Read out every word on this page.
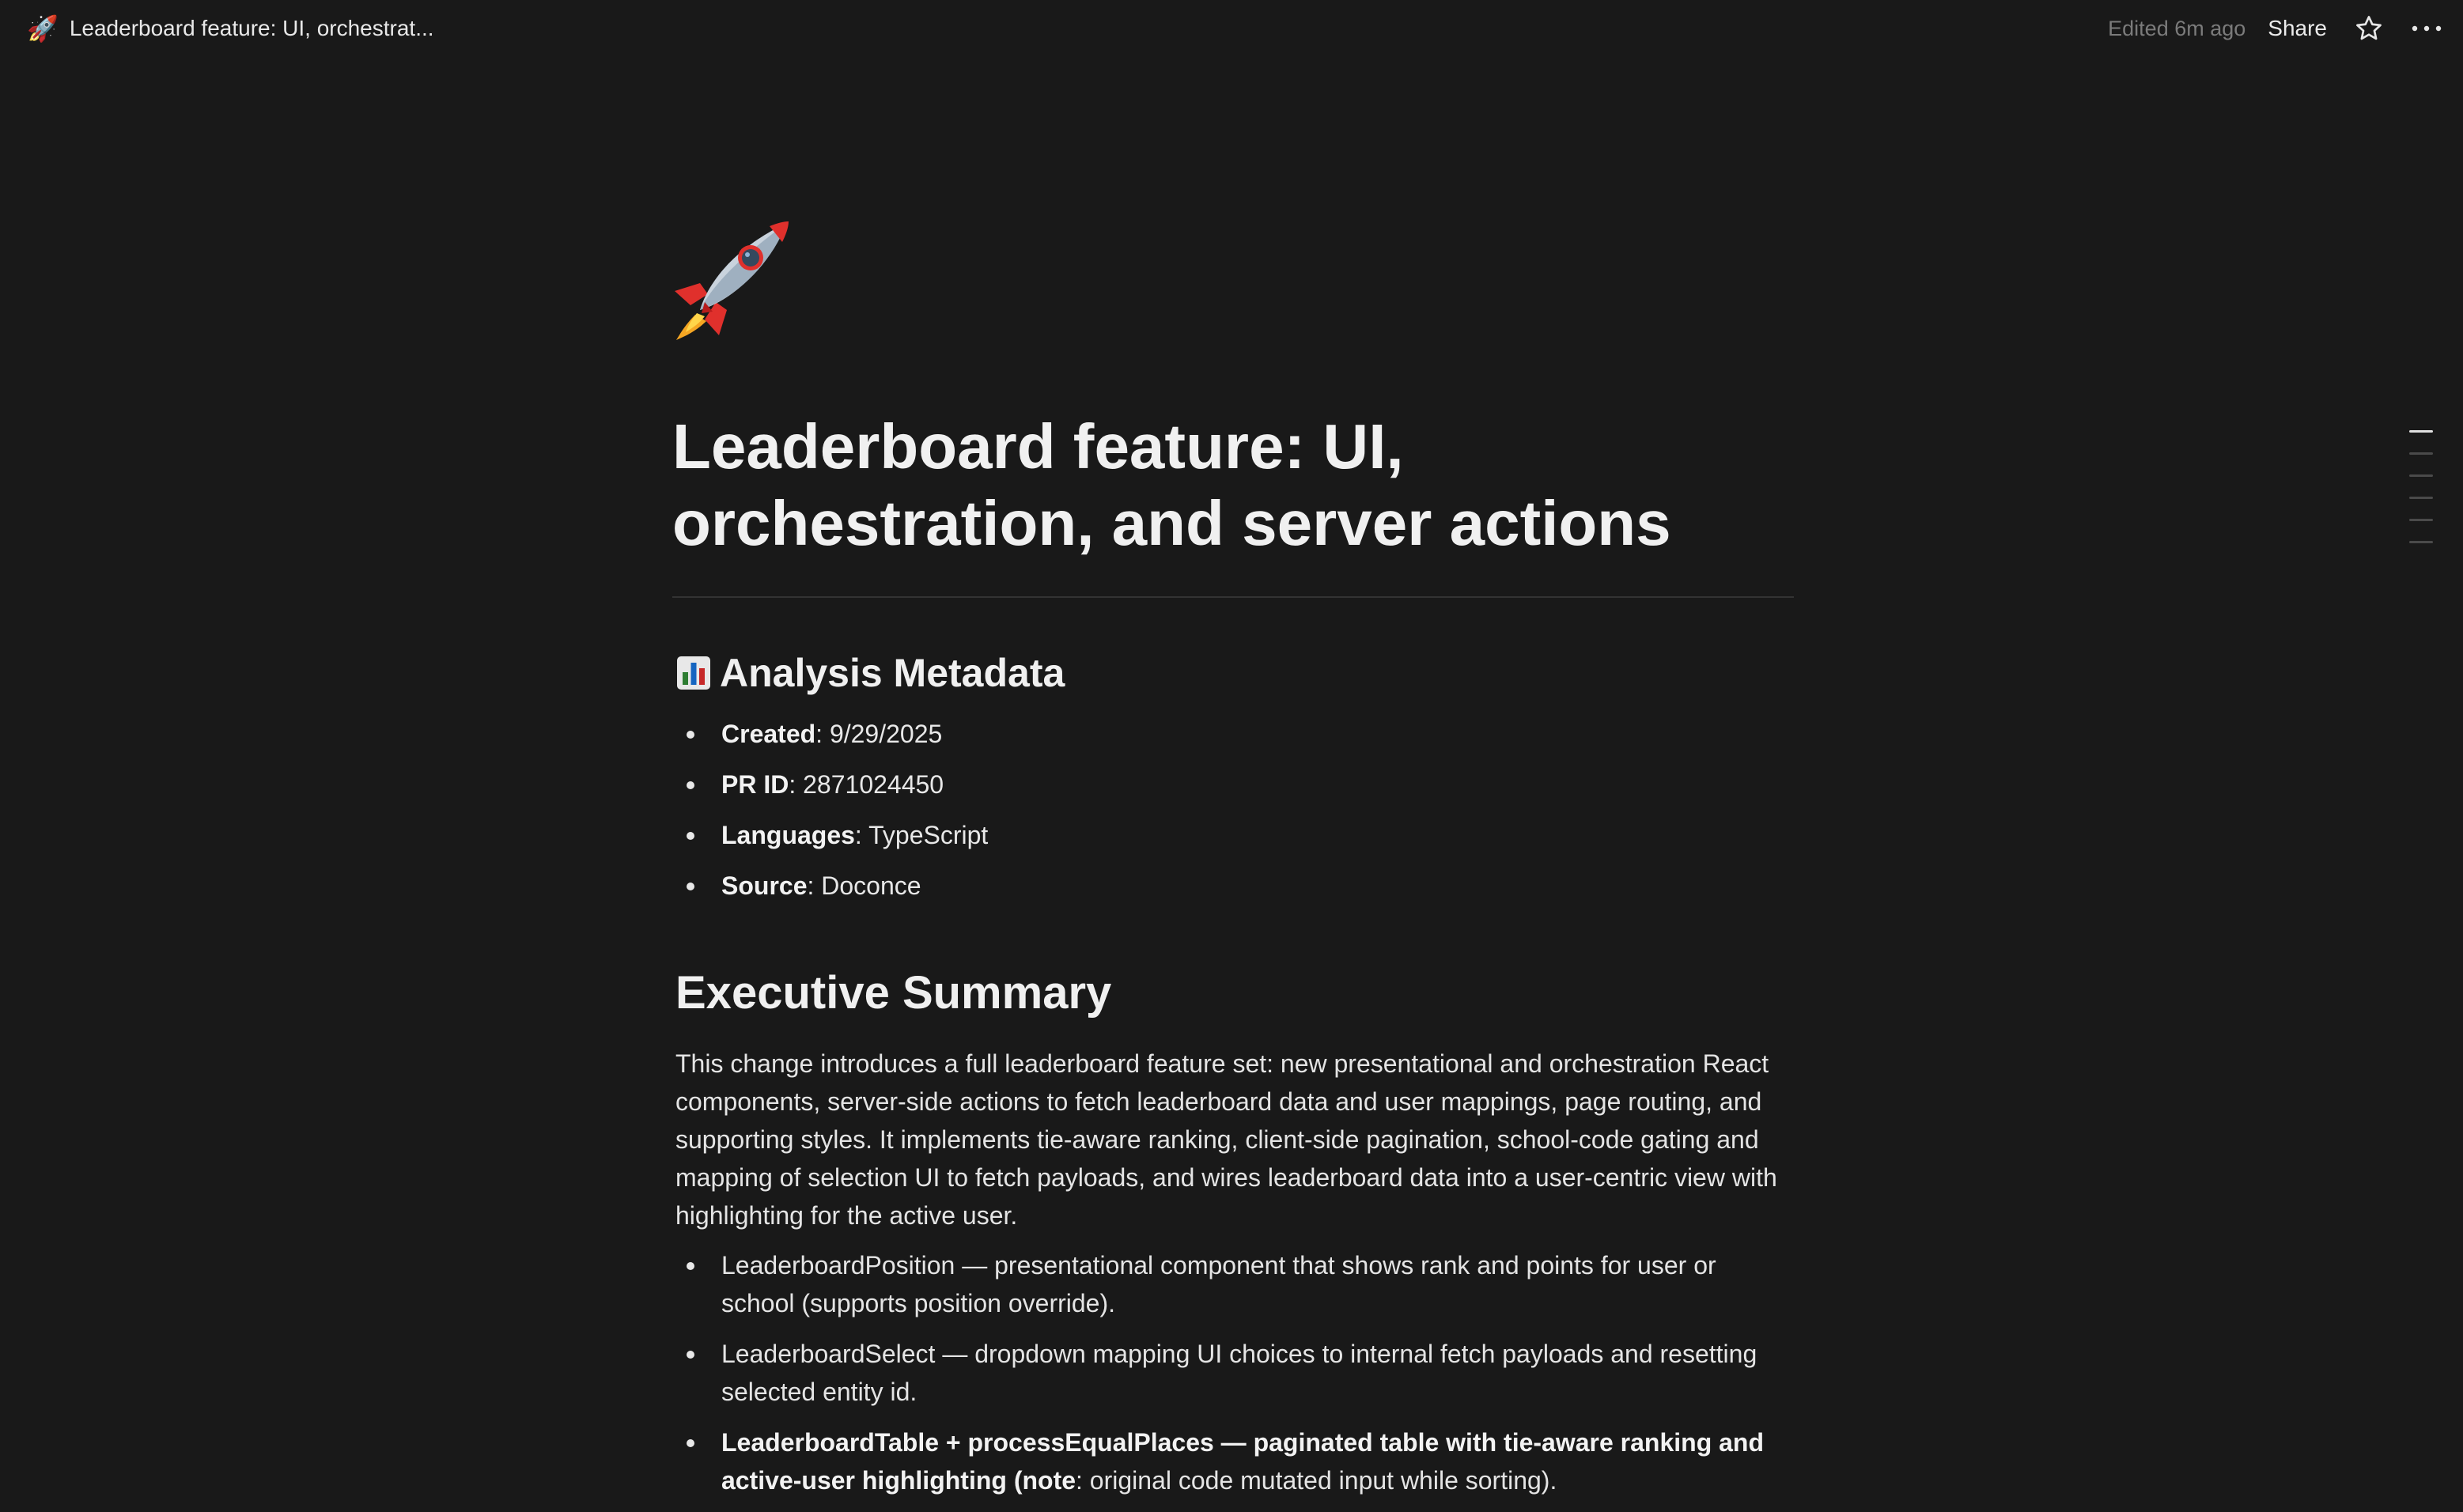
🚀 Leaderboard feature: UI, orchestrat...	Edited 6m ago Share
Leaderboard feature: UI, orchestration, and server actions
Analysis Metadata
Created: 9/29/2025
PR ID: 2871024450
Languages: TypeScript
Source: Doconce
Executive Summary

This change introduces a full leaderboard feature set: new presentational and orchestration React components, server-side actions to fetch leaderboard data and user mappings, page routing, and supporting styles. It implements tie-aware ranking, client-side pagination, school-code gating and mapping of selection UI to fetch payloads, and wires leaderboard data into a user-centric view with highlighting for the active user.

LeaderboardPosition — presentational component that shows rank and points for user or school (supports position override).
LeaderboardSelect — dropdown mapping UI choices to internal fetch payloads and resetting selected entity id.
LeaderboardTable + processEqualPlaces — paginated table with tie-aware ranking and active-user highlighting (note: original code mutated input while sorting).
